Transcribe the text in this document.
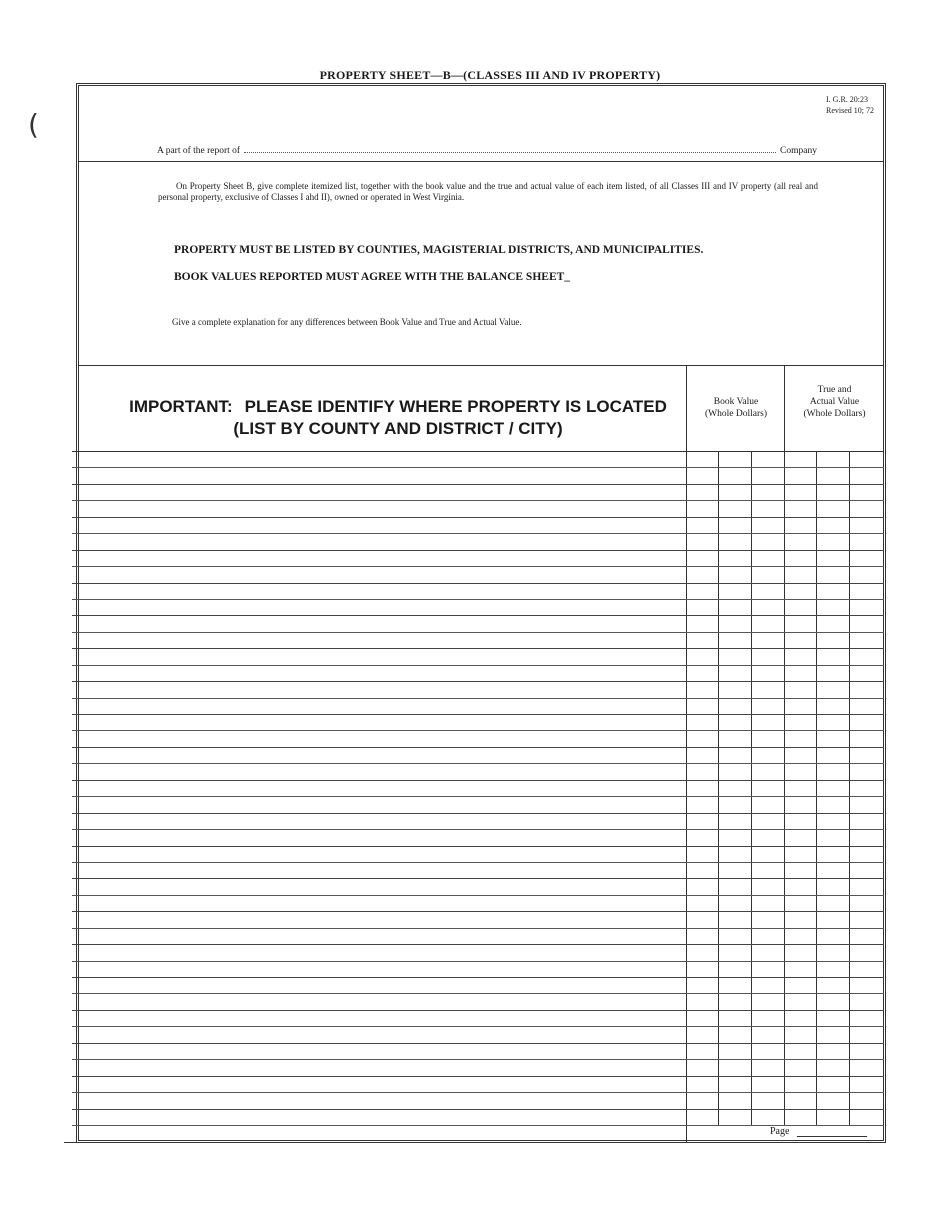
PROPERTY SHEET—B—(CLASSES III AND IV PROPERTY)
I. G.R. 20:23
Revised 10; 72
A part of the report of	Company
On Property Sheet B, give complete itemized list, together with the book value and the true and actual value of each item listed, of all Classes III and IV property (all real and personal property, exclusive of Classes I ahd II), owned or operated in West Virginia.
PROPERTY MUST BE LISTED BY COUNTIES, MAGISTERIAL DISTRICTS, AND MUNICIPALITIES.
BOOK VALUES REPORTED MUST AGREE WITH THE BALANCE SHEET_
Give a complete explanation for any differences between Book Value and True and Actual Value.
IMPORTANT: PLEASE IDENTIFY WHERE PROPERTY IS LOCATED
(LIST BY COUNTY AND DISTRICT / CITY)
Book Value
(Whole Dollars)
True and
Actual Value
(Whole Dollars)
Page
(
